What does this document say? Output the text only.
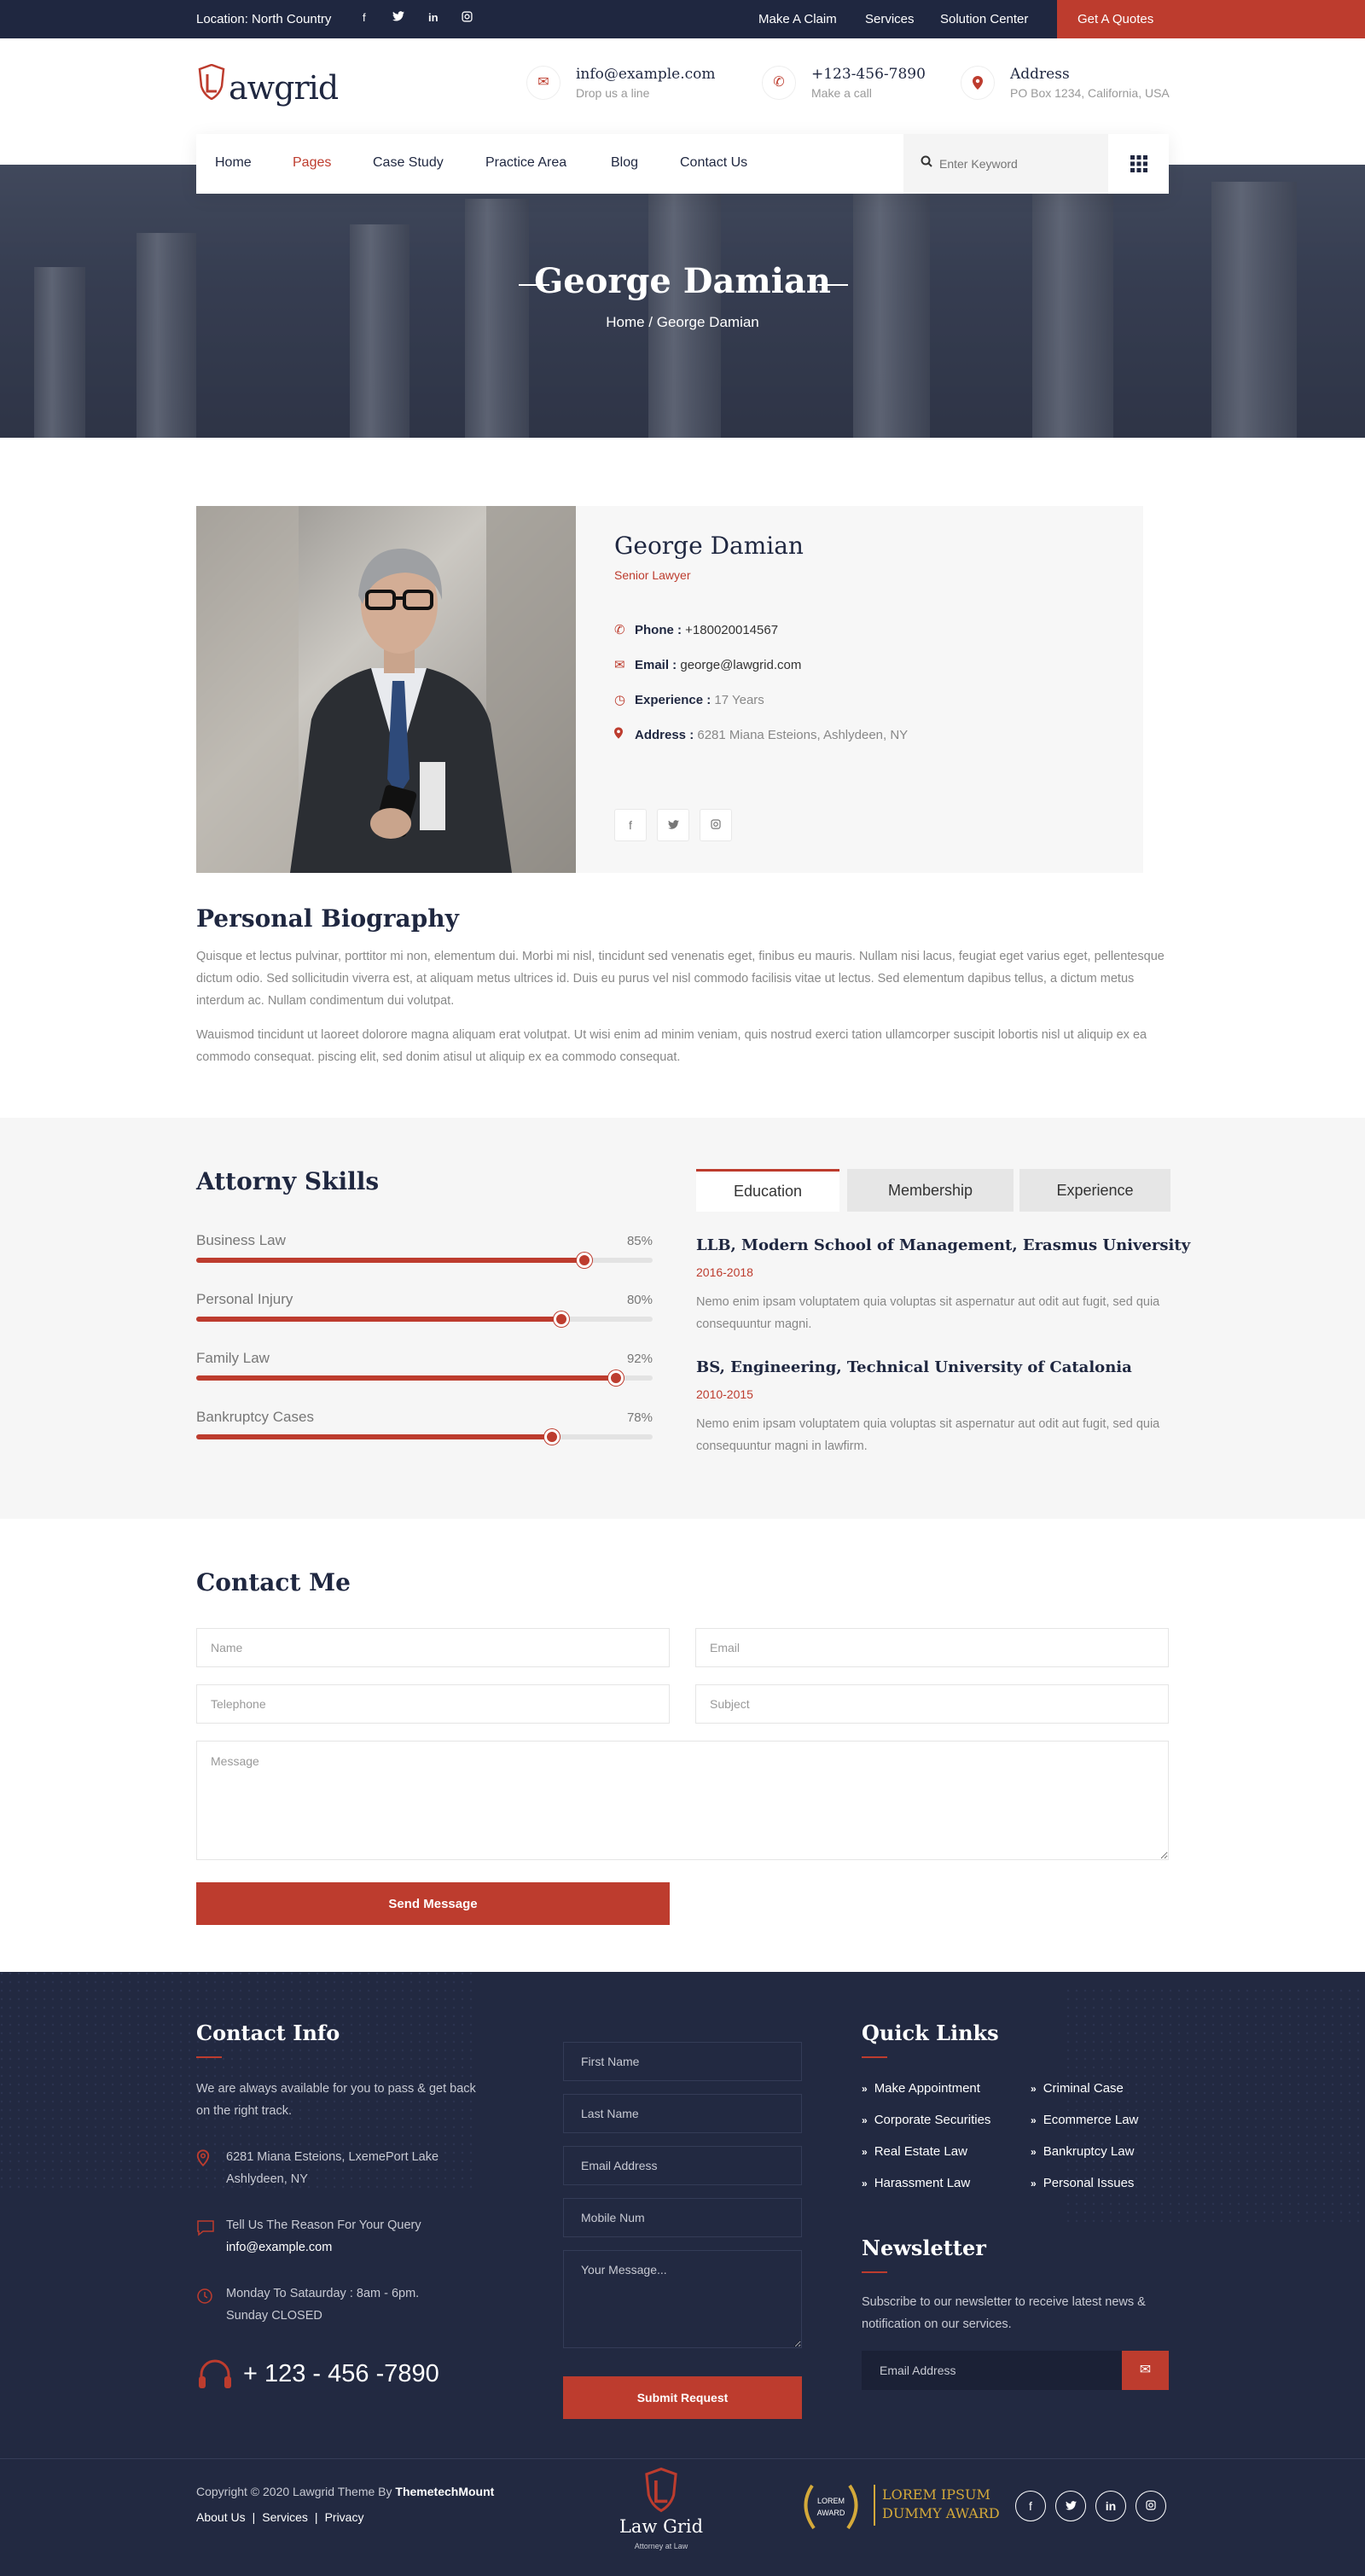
Location: North Country	f	in	Make A Claim Services Solution Center	Get A Quotes
awgrid	✉	info@example.com
Drop us a line
✆	+123-456-7890
Make a call
Address
PO Box 1234, California, USA
George Damian
Home / George Damian
Home	Pages	Case Study	Practice Area	Blog	Contact Us
Enter Keyword
George Damian
Senior Lawyer
✆ Phone : +180020014567
✉ Email : george@lawgrid.com
◷ Experience : 17 Years
Address : 6281 Miana Esteions, Ashlydeen, NY
f
Personal Biography

Quisque et lectus pulvinar, porttitor mi non, elementum dui. Morbi mi nisl, tincidunt sed venenatis eget, finibus eu mauris. Nullam nisi lacus, feugiat eget varius eget, pellentesque dictum odio. Sed sollicitudin viverra est, at aliquam metus ultrices id. Duis eu purus vel nisl commodo facilisis vitae ut lectus. Sed elementum dapibus tellus, a dictum metus interdum ac. Nullam condimentum dui volutpat.

Wauismod tincidunt ut laoreet dolorore magna aliquam erat volutpat. Ut wisi enim ad minim veniam, quis nostrud exerci tation ullamcorper suscipit lobortis nisl ut aliquip ex ea commodo consequat. piscing elit, sed donim atisul ut aliquip ex ea commodo consequat.

Attorny Skills
Business Law	85%
Personal Injury	80%
Family Law	92%
Bankruptcy Cases	78%
Education	Membership	Experience
LLB, Modern School of Management, Erasmus University
2016-2018

Nemo enim ipsam voluptatem quia voluptas sit aspernatur aut odit aut fugit, sed quia consequuntur magni.

BS, Engineering, Technical University of Catalonia
2010-2015

Nemo enim ipsam voluptatem quia voluptas sit aspernatur aut odit aut fugit, sed quia consequuntur magni in lawfirm.

Contact Me
Name
Email
Telephone
Subject
Message
Send Message
Contact Info
We are always available for you to pass & get back on the right track.
6281 Miana Esteions, LxemePort Lake
Ashlydeen, NY
Tell Us The Reason For Your Query
info@example.com
Monday To Sataurday : 8am - 6pm.
Sunday CLOSED
+ 123 - 456 -7890
First Name
Last Name
Email Address
Mobile Num
Your Message...
Submit Request
Quick Links
» Make Appointment	» Criminal Case
» Corporate Securities	» Ecommerce Law
» Real Estate Law	» Bankruptcy Law
» Harassment Law	» Personal Issues
Newsletter
Subscribe to our newsletter to receive latest news & notification on our services.
Email Address
✉
Copyright © 2020 Lawgrid Theme By ThemetechMount
About Us | Services | Privacy	Law Grid
Attorney at Law
LOREM
AWARD
LOREM IPSUM
DUMMY AWARD	f	in
